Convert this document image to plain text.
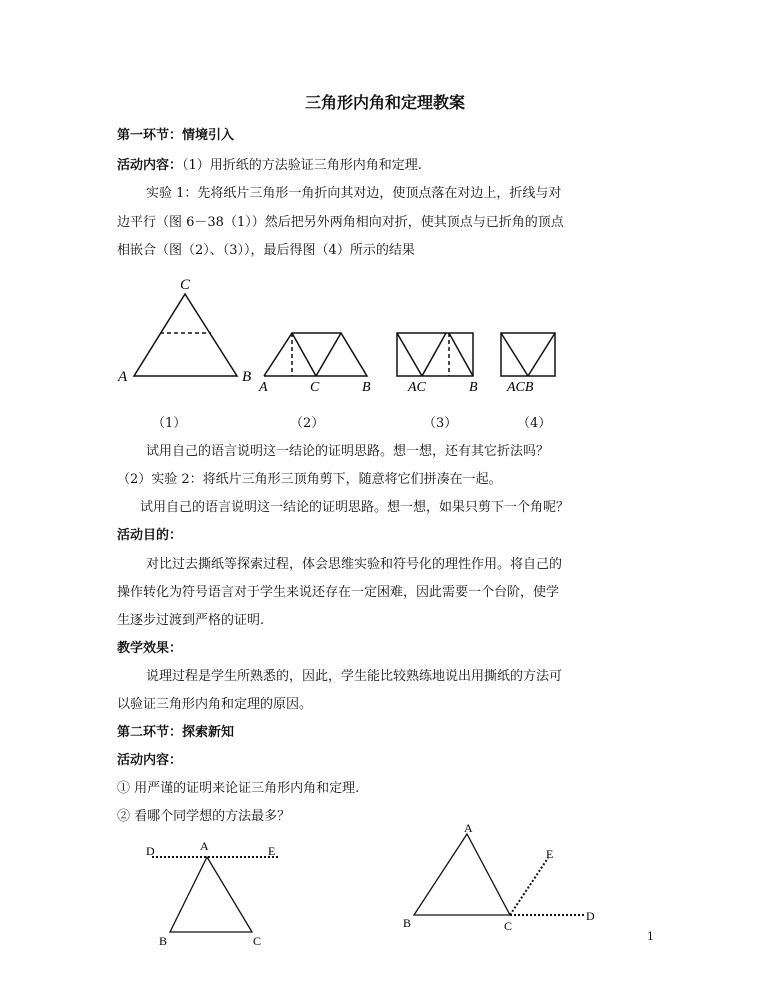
三角形内角和定理教案
第一环节：情境引入
活动内容：（1）用折纸的方法验证三角形内角和定理.
实验 1：先将纸片三角形一角折向其对边，使顶点落在对边上，折线与对
边平行（图 6－38（1））然后把另外两角相向对折，使其顶点与已折角的顶点
相嵌合（图（2）、（3）），最后得图（4）所示的结果
C
A	B
A	C	B	AC	B ACB
（1）	（2）	（3）	（4）
试用自己的语言说明这一结论的证明思路。想一想，还有其它折法吗？
（2）实验 2：将纸片三角形三顶角剪下，随意将它们拼凑在一起。
试用自己的语言说明这一结论的证明思路。想一想，如果只剪下一个角呢？
活动目的：
对比过去撕纸等探索过程，体会思维实验和符号化的理性作用。将自己的
操作转化为符号语言对于学生来说还存在一定困难，因此需要一个台阶，使学
生逐步过渡到严格的证明.
教学效果：
说理过程是学生所熟悉的，因此，学生能比较熟练地说出用撕纸的方法可
以验证三角形内角和定理的原因。
第二环节：探索新知
活动内容：
① 用严谨的证明来论证三角形内角和定理.
② 看哪个同学想的方法最多？
D	A	E
B	C
A
E
B	C
D
1
